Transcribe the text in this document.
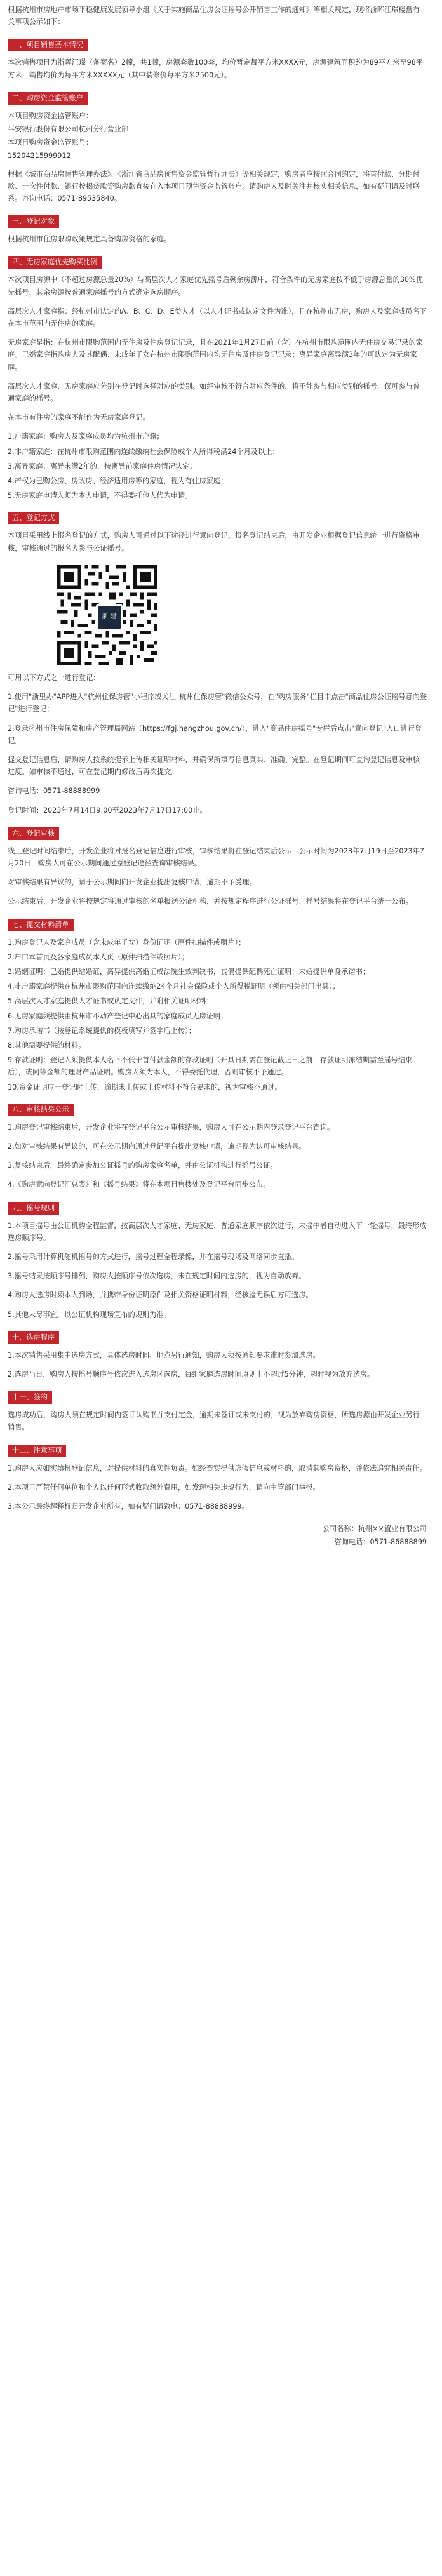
根据杭州市房地产市场平稳健康发展领导小组《关于实施商品住房公证摇号公开销售工作的通知》等相关规定，现将浙晖江璟楼盘有关事项公示如下：

一、项目销售基本情况

本次销售项目为浙晖江璟（备案名）2幢，共1幢，房源套数100套，均价暂定每平方米XXXX元，房源建筑面积约为89平方米至98平方米，销售均价为每平方米XXXXX元（其中装修价每平方米2500元）。

二、购房资金监管账户

本项目购房资金监管账户：

平安银行股份有限公司杭州分行营业部

本项目购房资金监管账号：

15204215999912

根据《城市商品房预售管理办法》、《浙江省商品房预售资金监管暂行办法》等相关规定，购房者应按照合同约定，将首付款、分期付款、一次性付款、银行按揭贷款等购房款直接存入本项目预售资金监管账户。请购房人及时关注并核实相关信息，如有疑问请及时联系。咨询电话：0571-89535840。

三、登记对象

根据杭州市住房限购政策规定具备购房资格的家庭。

四、无房家庭优先购买比例

本次项目房源中（不超过房源总量20%）与高层次人才家庭优先摇号后剩余房源中，符合条件的无房家庭按不低于房源总量的30%优先摇号，其余房源按普通家庭摇号的方式确定选房顺序。

高层次人才家庭指：经杭州市认定的A、B、C、D、E类人才（以人才证书或认定文件为准），且在杭州市无房，购房人及家庭成员名下在本市范围内无住房的家庭。

无房家庭是指：在杭州市限购范围内无住房及住房登记记录，且在2021年1月27日前（含）在杭州市限购范围内无住房交易记录的家庭。已婚家庭指购房人及其配偶、未成年子女在杭州市限购范围内均无住房及住房登记记录；离异家庭离异满3年的可认定为无房家庭。

高层次人才家庭、无房家庭应分别在登记时选择对应的类别。如经审核不符合对应条件的，将不能参与相应类别的摇号，仅可参与普通家庭的摇号。

在本市有住房的家庭不能作为无房家庭登记。

1.户籍家庭：购房人及家庭成员均为杭州市户籍；

2.非户籍家庭：在杭州市限购范围内连续缴纳社会保险或个人所得税满24个月及以上；

3.离异家庭：离异未满2年的，按离异前家庭住房情况认定；

4.产权为已购公房、房改房、经济适用房等的家庭，视为有住房家庭；

5.无房家庭申请人须为本人申请，不得委托他人代为申请。

五、登记方式

本项目采用线上报名登记的方式，购房人可通过以下途径进行意向登记。报名登记结束后，由开发企业根据登记信息统一进行资格审核，审核通过的报名人参与公证摇号。

浙 建

可用以下方式之一进行登记：

1.使用"浙里办"APP进入"杭州住保房管"小程序或关注"杭州住保房管"微信公众号，在"购房服务"栏目中点击"商品住房公证摇号意向登记"进行登记；

2.登录杭州市住房保障和房产管理局网站（https://fgj.hangzhou.gov.cn/），进入"商品住房摇号"专栏后点击"意向登记"入口进行登记。

提交登记信息后，请购房人按系统提示上传相关证明材料，并确保所填写信息真实、准确、完整。在登记期间可查询登记信息及审核进度。如审核不通过，可在登记期内修改后再次提交。

咨询电话：0571-88888999

登记时间：2023年7月14日9:00至2023年7月17日17:00止。

六、登记审核

线上登记时间结束后，开发企业将对报名登记信息进行审核，审核结果将在登记结束后公示，公示时间为2023年7月19日至2023年7月20日，购房人可在公示期间通过原登记途径查询审核结果。

对审核结果有异议的，请于公示期间向开发企业提出复核申请，逾期不予受理。

公示结束后，开发企业将按规定将通过审核的名单报送公证机构，并按规定程序进行公证摇号，摇号结果将在登记平台统一公布。

七、提交材料清单

1.购房登记人及家庭成员（含未成年子女）身份证明（原件扫描件或照片）；

2.户口本首页及各家庭成员本人页（原件扫描件或照片）；

3.婚姻证明：已婚提供结婚证，离异提供离婚证或法院生效判决书，丧偶提供配偶死亡证明；未婚提供单身承诺书；

4.非户籍家庭提供在杭州市限购范围内连续缴纳24个月社会保险或个人所得税证明（须由相关部门出具）；

5.高层次人才家庭提供人才证书或认定文件，并附相关证明材料；

6.无房家庭须提供由杭州市不动产登记中心出具的家庭成员无房证明；

7.购房承诺书（按登记系统提供的模板填写并签字后上传）；

8.其他需要提供的材料。

9.存款证明：登记人须提供本人名下不低于首付款金额的存款证明（开具日期需在登记截止日之前，存款证明冻结期需至摇号结束后），或同等金额的理财产品证明。购房人须为本人，不得委托代理，否则审核不予通过。

10.资金证明应于登记时上传，逾期未上传或上传材料不符合要求的，视为审核不通过。

八、审核结果公示

1.购房登记审核结束后，开发企业将在登记平台公示审核结果，购房人可在公示期内登录登记平台查询。

2.如对审核结果有异议的，可在公示期内通过登记平台提出复核申请，逾期视为认可审核结果。

3.复核结束后，最终确定参加公证摇号的购房家庭名单，并由公证机构进行摇号公证。

4.《购房意向登记汇总表》和《摇号结果》将在本项目售楼处及登记平台同步公布。

九、摇号规则

1.本项目摇号由公证机构全程监督，按高层次人才家庭、无房家庭、普通家庭顺序依次进行，未摇中者自动进入下一轮摇号，最终形成选房顺序号。

2.摇号采用计算机随机摇号的方式进行，摇号过程全程录像，并在摇号现场及网络同步直播。

3.摇号结果按顺序号排列，购房人按顺序号依次选房，未在规定时间内选房的，视为自动放弃。

4.购房人选房时须本人到场，并携带身份证明原件及相关资格证明材料，经核验无误后方可选房。

5.其他未尽事宜，以公证机构现场宣布的规则为准。

十、选房程序

1.本次销售采用集中选房方式，具体选房时间、地点另行通知，购房人须按通知要求准时参加选房。

2.选房当日，购房人按摇号顺序号依次进入选房区选房，每组家庭选房时间原则上不超过5分钟，超时视为放弃选房。

十一、签约

选房成功后，购房人须在规定时间内签订认购书并支付定金，逾期未签订或未支付的，视为放弃购房资格，所选房源由开发企业另行销售。

十二、注意事项

1.购房人应如实填报登记信息，对提供材料的真实性负责。如经查实提供虚假信息或材料的，取消其购房资格，并依法追究相关责任。

2.本项目严禁任何单位和个人以任何形式收取额外费用，如发现相关违规行为，请向主管部门举报。

3.本公示最终解释权归开发企业所有，如有疑问请致电：0571-88888999。

公司名称：杭州××置业有限公司

咨询电话：0571-86888899
